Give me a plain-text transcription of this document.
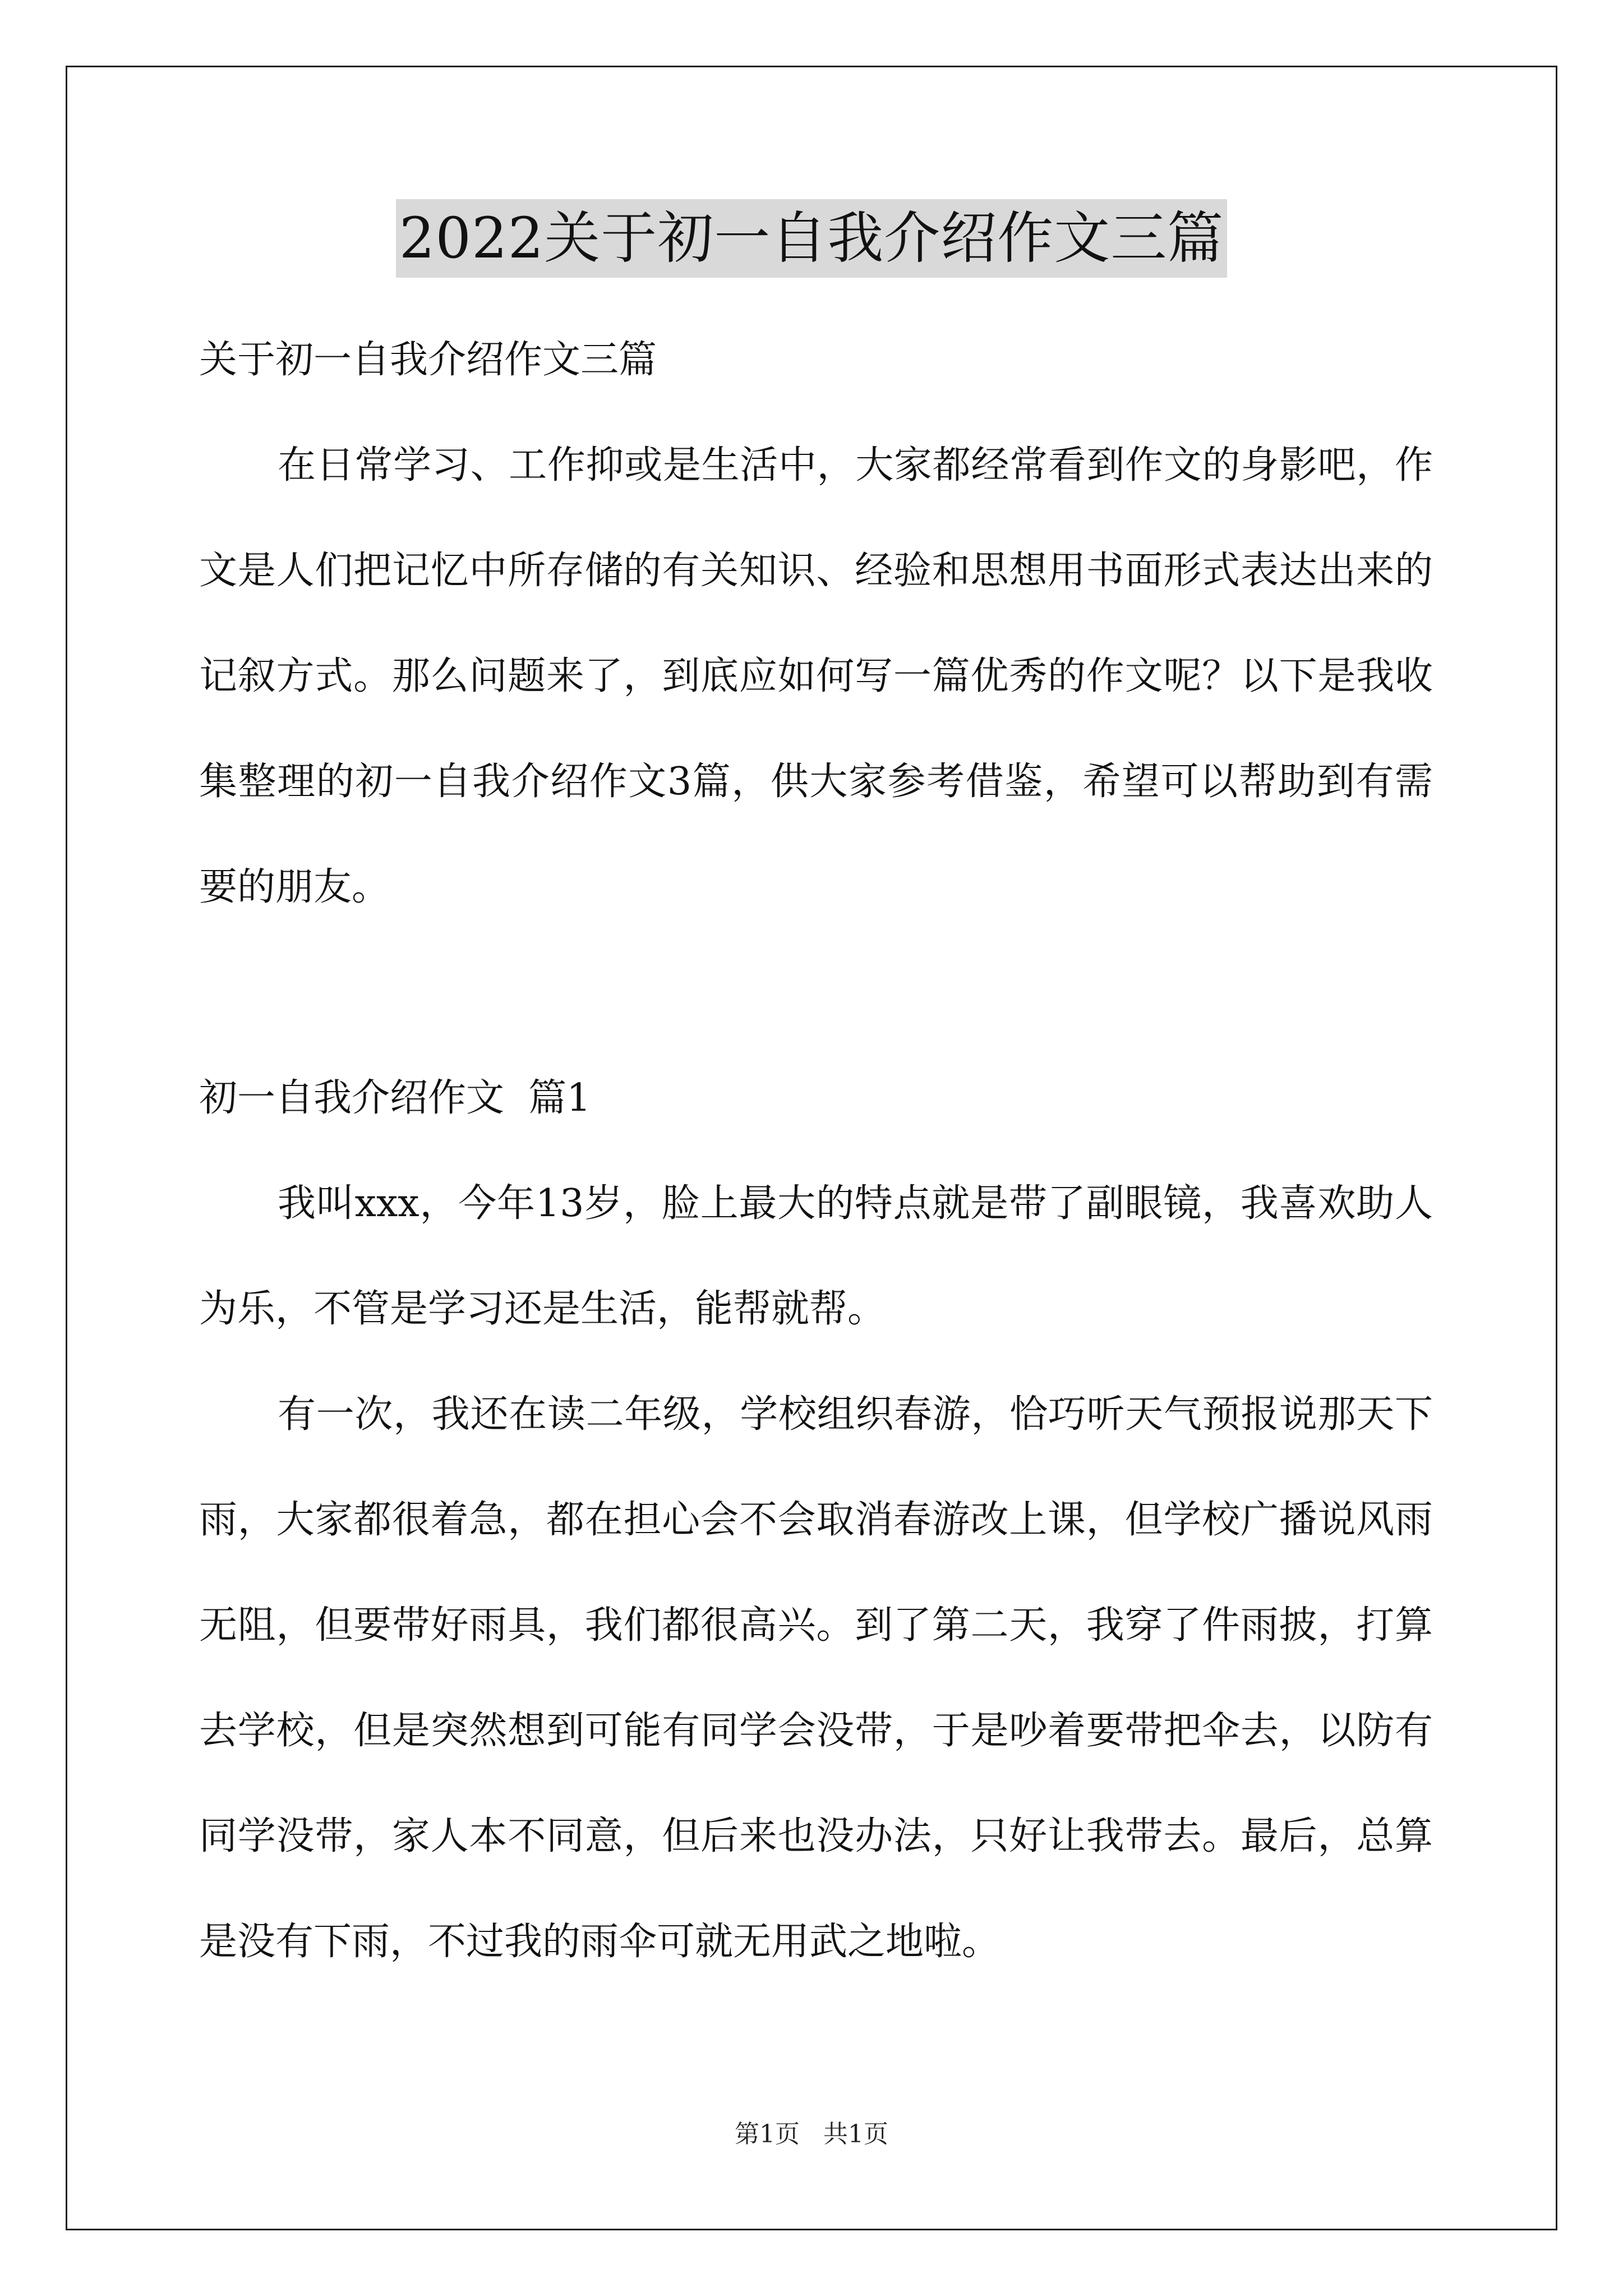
2022关于初一自我介绍作文三篇

关于初一自我介绍作文三篇

在日常学习、工作抑或是生活中，大家都经常看到作文的身影吧，作文是人们把记忆中所存储的有关知识、经验和思想用书面形式表达出来的记叙方式。那么问题来了，到底应如何写一篇优秀的作文呢？以下是我收集整理的初一自我介绍作文3篇，供大家参考借鉴，希望可以帮助到有需要的朋友。

初一自我介绍作文  篇1

我叫xxx，今年13岁，脸上最大的特点就是带了副眼镜，我喜欢助人为乐，不管是学习还是生活，能帮就帮。

有一次，我还在读二年级，学校组织春游，恰巧听天气预报说那天下雨，大家都很着急，都在担心会不会取消春游改上课，但学校广播说风雨无阻，但要带好雨具，我们都很高兴。到了第二天，我穿了件雨披，打算去学校，但是突然想到可能有同学会没带，于是吵着要带把伞去，以防有同学没带，家人本不同意，但后来也没办法，只好让我带去。最后，总算是没有下雨，不过我的雨伞可就无用武之地啦。

第1页   共1页
